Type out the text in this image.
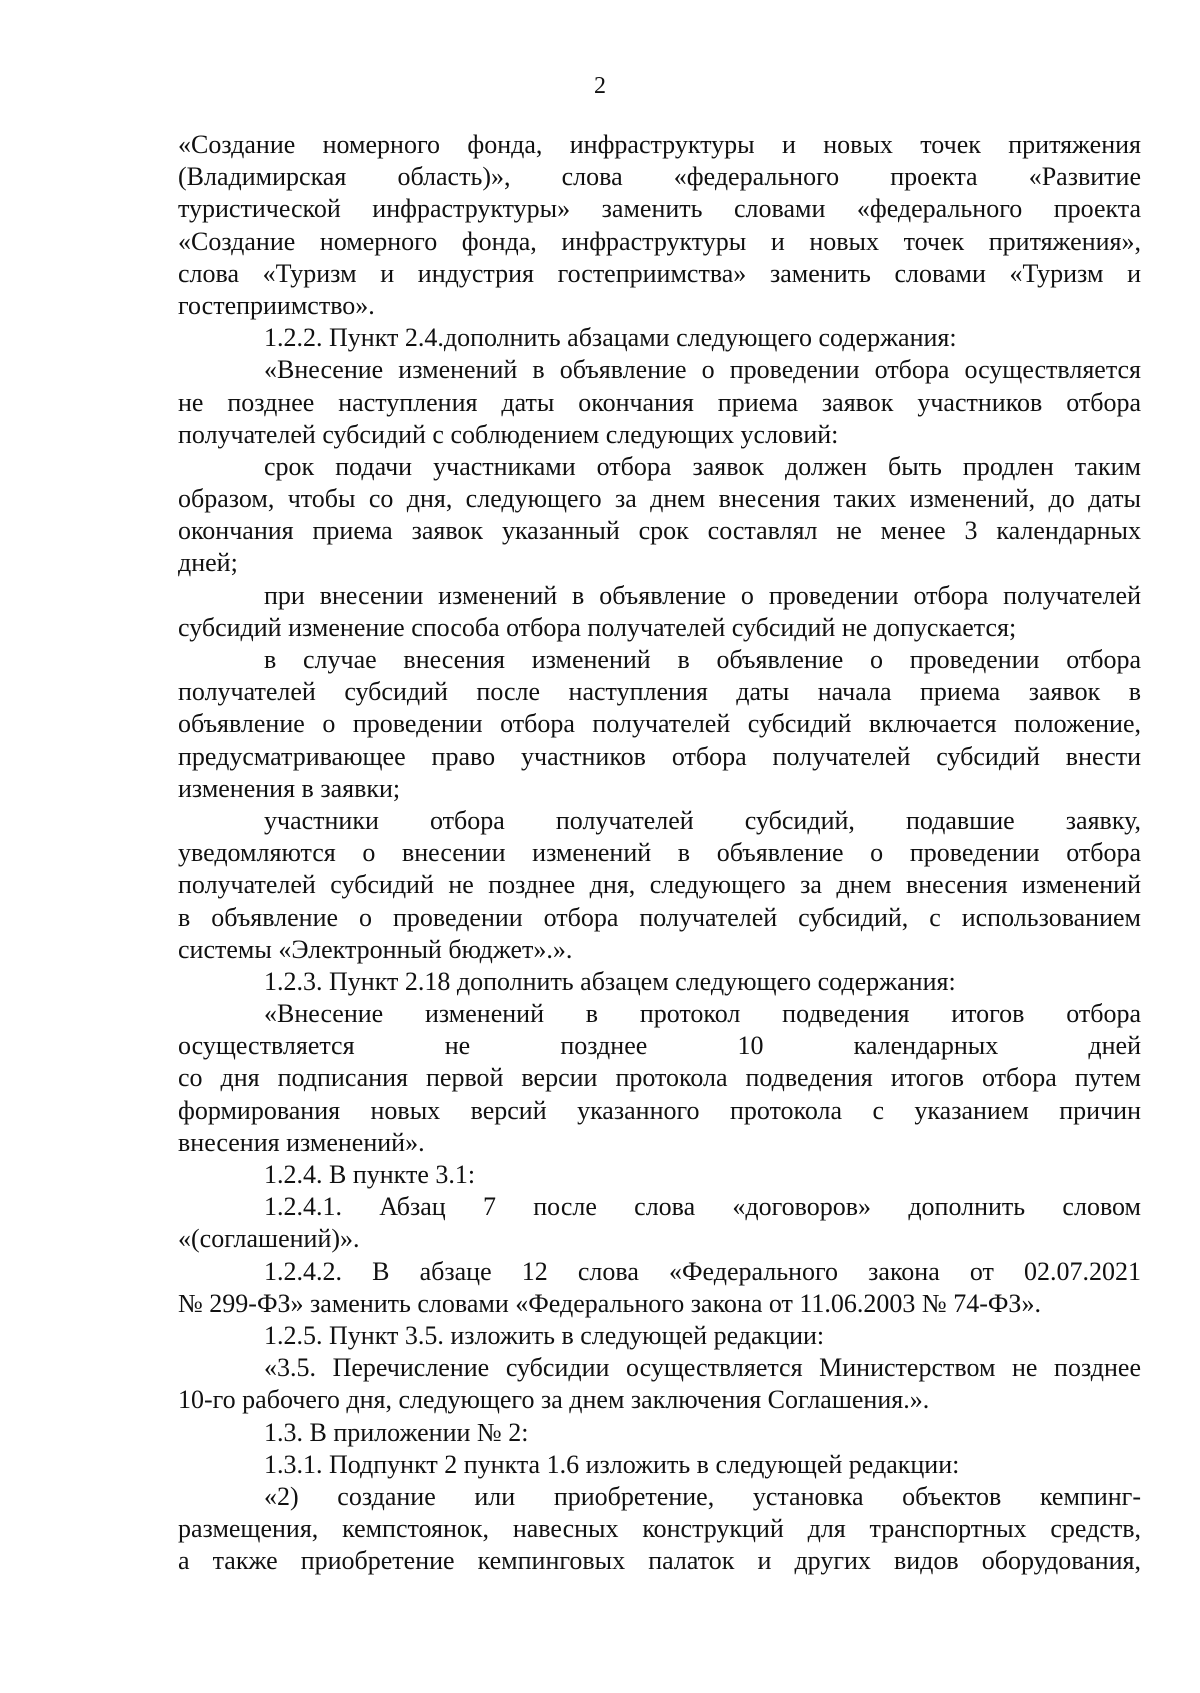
2
«Создание номерного фонда, инфраструктуры и новых точек притяжения
(Владимирская область)», слова «федерального проекта «Развитие
туристической инфраструктуры» заменить словами «федерального проекта
«Создание номерного фонда, инфраструктуры и новых точек притяжения»,
слова «Туризм и индустрия гостеприимства» заменить словами «Туризм и
гостеприимство».
1.2.2. Пункт 2.4.дополнить абзацами следующего содержания:
«Внесение изменений в объявление о проведении отбора осуществляется
не позднее наступления даты окончания приема заявок участников отбора
получателей субсидий с соблюдением следующих условий:
срок подачи участниками отбора заявок должен быть продлен таким
образом, чтобы со дня, следующего за днем внесения таких изменений, до даты
окончания приема заявок указанный срок составлял не менее 3 календарных
дней;
при внесении изменений в объявление о проведении отбора получателей
субсидий изменение способа отбора получателей субсидий не допускается;
в случае внесения изменений в объявление о проведении отбора
получателей субсидий после наступления даты начала приема заявок в
объявление о проведении отбора получателей субсидий включается положение,
предусматривающее право участников отбора получателей субсидий внести
изменения в заявки;
участники отбора получателей субсидий, подавшие заявку,
уведомляются о внесении изменений в объявление о проведении отбора
получателей субсидий не позднее дня, следующего за днем внесения изменений
в объявление о проведении отбора получателей субсидий, с использованием
системы «Электронный бюджет».».
1.2.3. Пункт 2.18 дополнить абзацем следующего содержания:
«Внесение изменений в протокол подведения итогов отбора
осуществляется не позднее 10 календарных дней
со дня подписания первой версии протокола подведения итогов отбора путем
формирования новых версий указанного протокола с указанием причин
внесения изменений».
1.2.4. В пункте 3.1:
1.2.4.1. Абзац 7 после слова «договоров» дополнить словом
«(соглашений)».
1.2.4.2. В абзаце 12 слова «Федерального закона от 02.07.2021
№ 299-ФЗ» заменить словами «Федерального закона от 11.06.2003 № 74-ФЗ».
1.2.5. Пункт 3.5. изложить в следующей редакции:
«3.5. Перечисление субсидии осуществляется Министерством не позднее
10-го рабочего дня, следующего за днем заключения Соглашения.».
1.3. В приложении № 2:
1.3.1. Подпункт 2 пункта 1.6 изложить в следующей редакции:
«2) создание или приобретение, установка объектов кемпинг-
размещения, кемпстоянок, навесных конструкций для транспортных средств,
а также приобретение кемпинговых палаток и других видов оборудования,
